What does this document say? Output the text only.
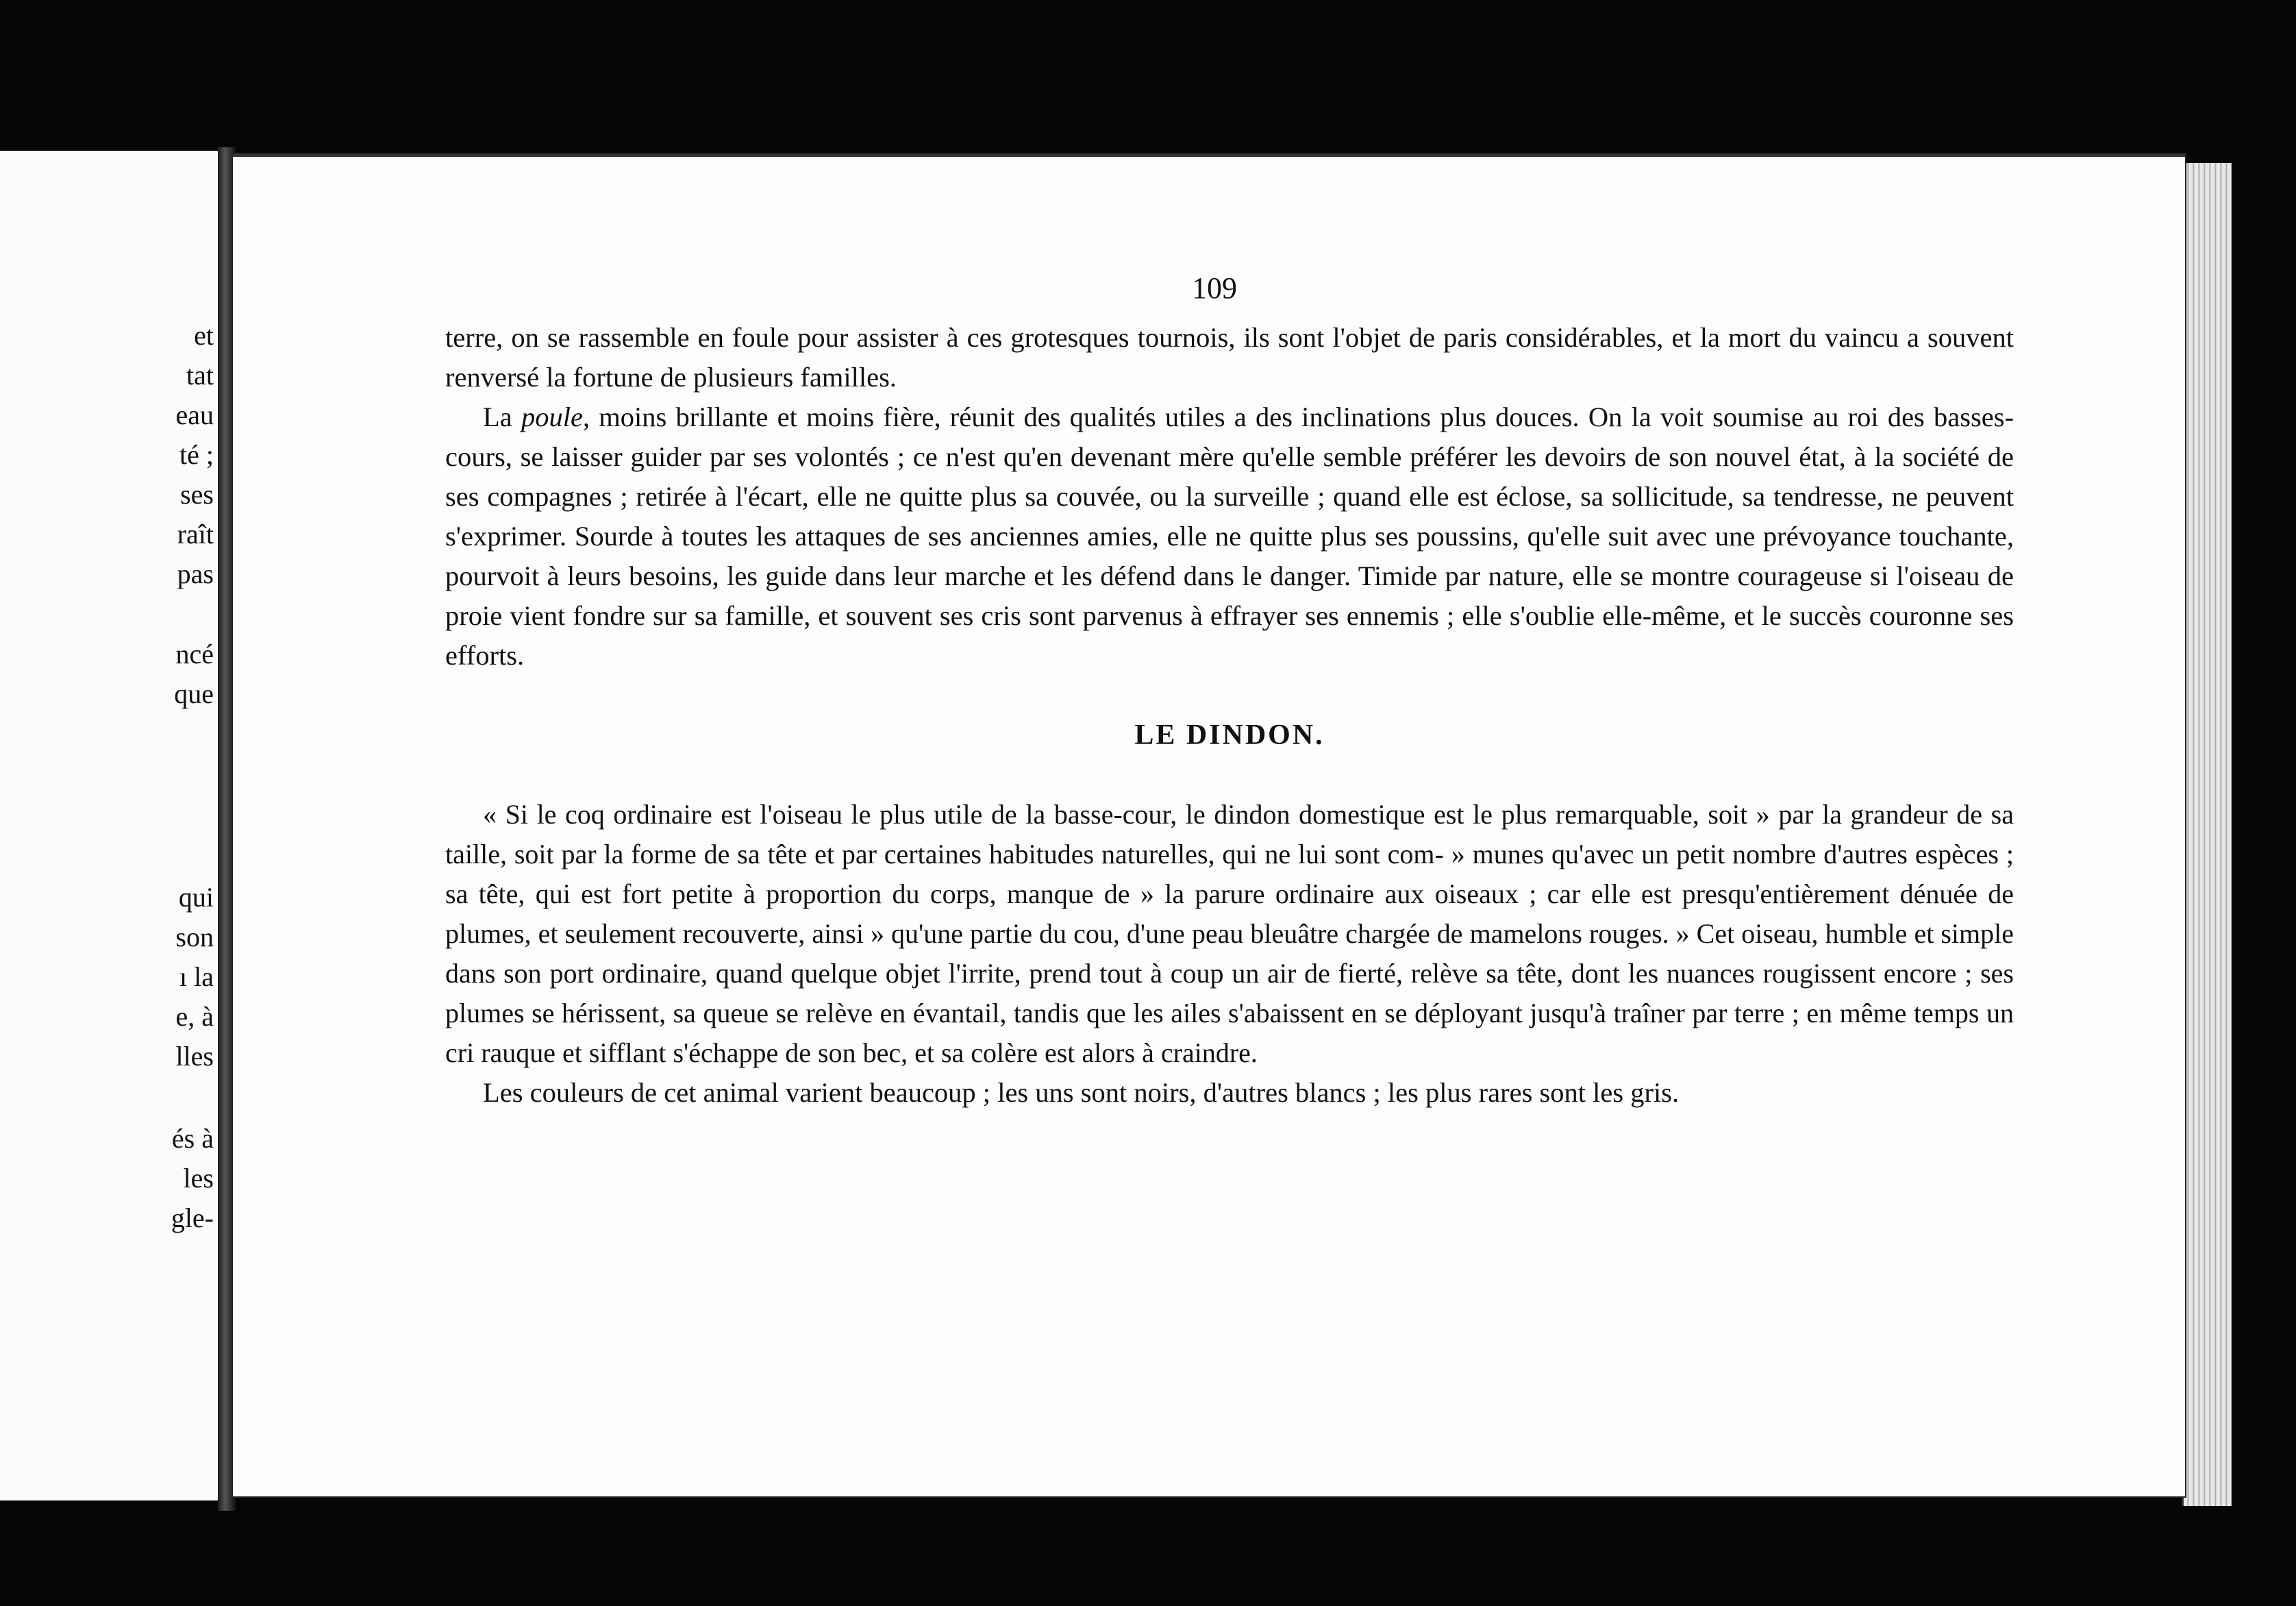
et
tat
eau
té ;
ses
raît
pas
ncé
que
qui
son
ı la
e, à
lles
és à
les
gle-
109

terre, on se rassemble en foule pour assister à ces grotesques tournois, ils sont l'objet de paris considérables, et la mort du vaincu a souvent renversé la fortune de plusieurs familles.

La poule, moins brillante et moins fière, réunit des qualités utiles a des inclinations plus douces. On la voit soumise au roi des basses-cours, se laisser guider par ses volontés ; ce n'est qu'en devenant mère qu'elle semble préférer les devoirs de son nouvel état, à la société de ses compagnes ; retirée à l'écart, elle ne quitte plus sa couvée, ou la surveille ; quand elle est éclose, sa sollicitude, sa tendresse, ne peuvent s'exprimer. Sourde à toutes les attaques de ses anciennes amies, elle ne quitte plus ses poussins, qu'elle suit avec une prévoyance touchante, pourvoit à leurs besoins, les guide dans leur marche et les défend dans le danger. Timide par nature, elle se montre courageuse si l'oiseau de proie vient fondre sur sa famille, et souvent ses cris sont parvenus à effrayer ses ennemis ; elle s'oublie elle-même, et le succès couronne ses efforts.

LE DINDON.

« Si le coq ordinaire est l'oiseau le plus utile de la basse-cour, le dindon domestique est le plus remarquable, soit » par la grandeur de sa taille, soit par la forme de sa tête et par certaines habitudes naturelles, qui ne lui sont com- » munes qu'avec un petit nombre d'autres espèces ; sa tête, qui est fort petite à proportion du corps, manque de » la parure ordinaire aux oiseaux ; car elle est presqu'entièrement dénuée de plumes, et seulement recouverte, ainsi » qu'une partie du cou, d'une peau bleuâtre chargée de mamelons rouges. » Cet oiseau, humble et simple dans son port ordinaire, quand quelque objet l'irrite, prend tout à coup un air de fierté, relève sa tête, dont les nuances rougissent encore ; ses plumes se hérissent, sa queue se relève en évantail, tandis que les ailes s'abaissent en se déployant jusqu'à traîner par terre ; en même temps un cri rauque et sifflant s'échappe de son bec, et sa colère est alors à craindre.

Les couleurs de cet animal varient beaucoup ; les uns sont noirs, d'autres blancs ; les plus rares sont les gris.
